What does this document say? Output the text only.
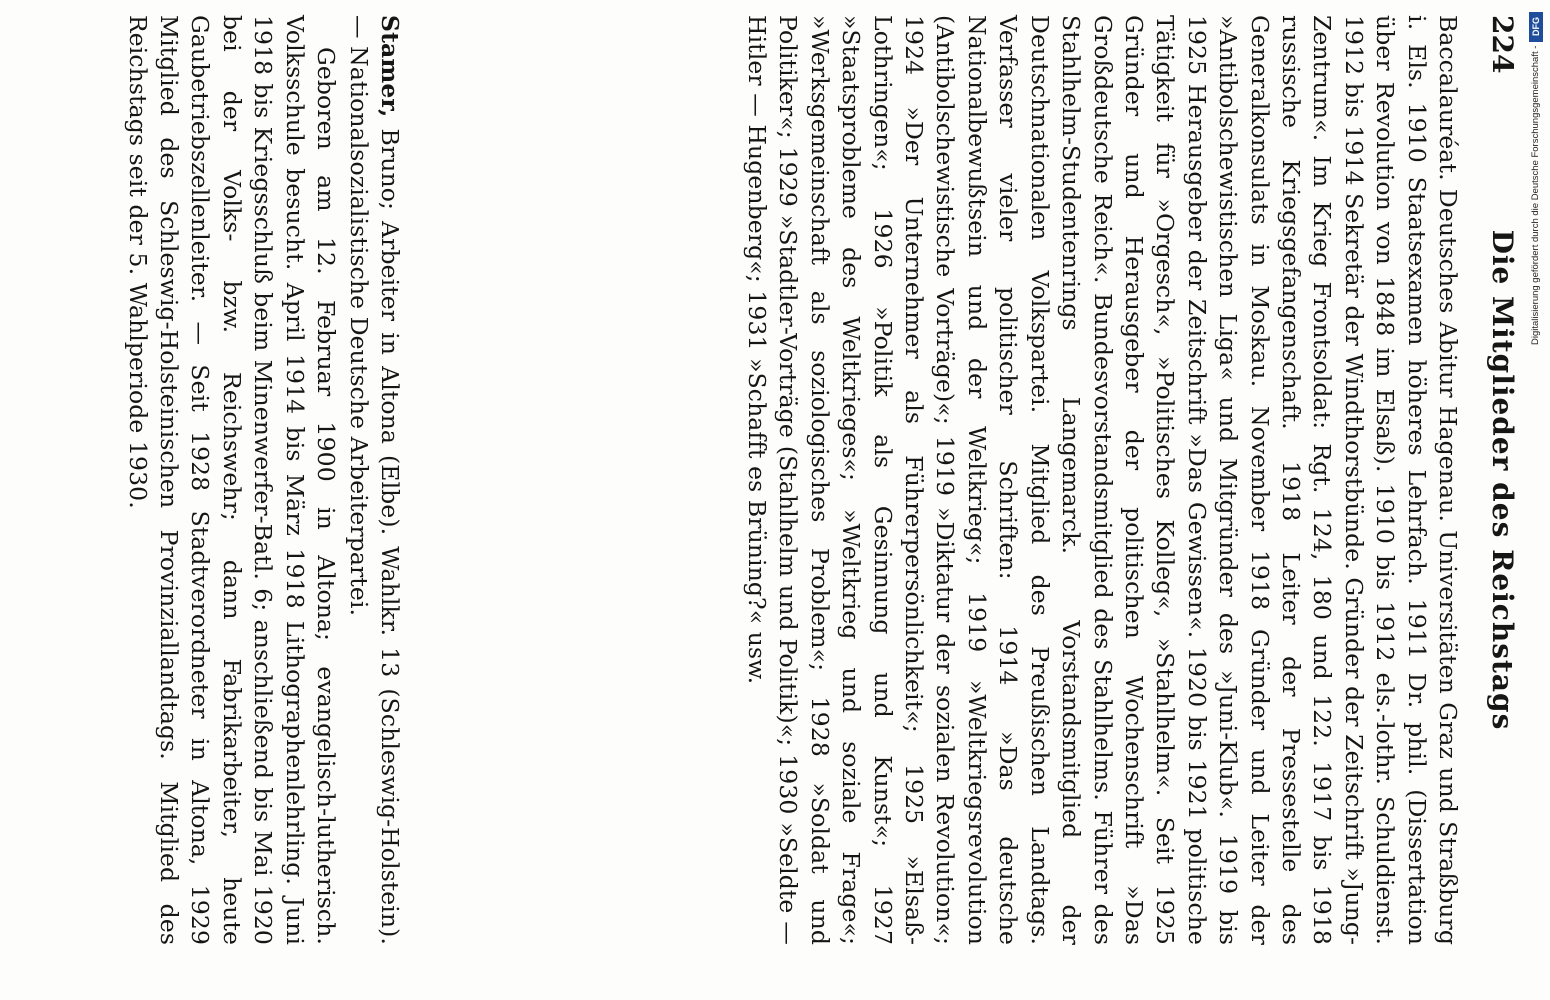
224
Die Mitglieder des Reichstags

Baccalauréat. Deutsches Abitur Hagenau. Universitäten Graz und Straßburg i. Els. 1910 Staatsexamen höheres Lehrfach. 1911 Dr. phil. (Dissertation über Revolution von 1848 im Elsaß). 1910 bis 1912 els.-lothr. Schuldienst. 1912 bis 1914 Sekretär der Windthorstbünde. Gründer der Zeitschrift »Jung-Zentrum«. Im Krieg Frontsoldat: Rgt. 124, 180 und 122. 1917 bis 1918 russische Kriegsgefangenschaft. 1918 Leiter der Pressestelle des Generalkonsulats in Moskau. November 1918 Gründer und Leiter der »Antibolschewistischen Liga« und Mitgründer des »Juni-Klub«. 1919 bis 1925 Herausgeber der Zeitschrift »Das Gewissen«. 1920 bis 1921 politische Tätigkeit für »Orgesch«, »Politisches Kolleg«, »Stahlhelm«. Seit 1925 Gründer und Herausgeber der politischen Wochenschrift »Das Großdeutsche Reich«. Bundesvorstandsmitglied des Stahlhelms. Führer des Stahlhelm-Studentenrings Langemarck. Vorstandsmitglied der Deutschnationalen Volkspartei. Mitglied des Preußischen Landtags. Verfasser vieler politischer Schriften: 1914 »Das deutsche Nationalbewußtsein und der Weltkrieg«; 1919 »Weltkriegsrevolution (Antibolschewistische Vorträge)«; 1919 »Diktatur der sozialen Revolution«; 1924 »Der Unternehmer als Führerpersönlichkeit«; 1925 »Elsaß-Lothringen«; 1926 »Politik als Gesinnung und Kunst«; 1927 »Staatsprobleme des Weltkrieges«; »Weltkrieg und soziale Frage«; »Werksgemeinschaft als soziologisches Problem«; 1928 »Soldat und Politiker«; 1929 »Stadtler-Vorträge (Stahlhelm und Politik)«; 1930 »Seldte — Hitler — Hugenberg«; 1931 »Schafft es Brüning?« usw.

Stamer, Bruno; Arbeiter in Altona (Elbe). Wahlkr. 13 (Schleswig-Holstein). — Nationalsozialistische Deutsche Arbeiterpartei.

Geboren am 12. Februar 1900 in Altona; evangelisch-lutherisch. Volksschule besucht. April 1914 bis März 1918 Lithographenlehrling. Juni 1918 bis Kriegsschluß beim Minenwerfer-Batl. 6; anschließend bis Mai 1920 bei der Volks- bzw. Reichswehr; dann Fabrikarbeiter, heute Gaubetriebszellenleiter. — Seit 1928 Stadtverordneter in Altona, 1929 Mitglied des Schleswig-Holsteinischen Provinziallandtags. Mitglied des Reichstags seit der 5. Wahlperiode 1930.	DFG
Digitalisierung gefördert durch die Deutsche Forschungsgemeinschaft -
